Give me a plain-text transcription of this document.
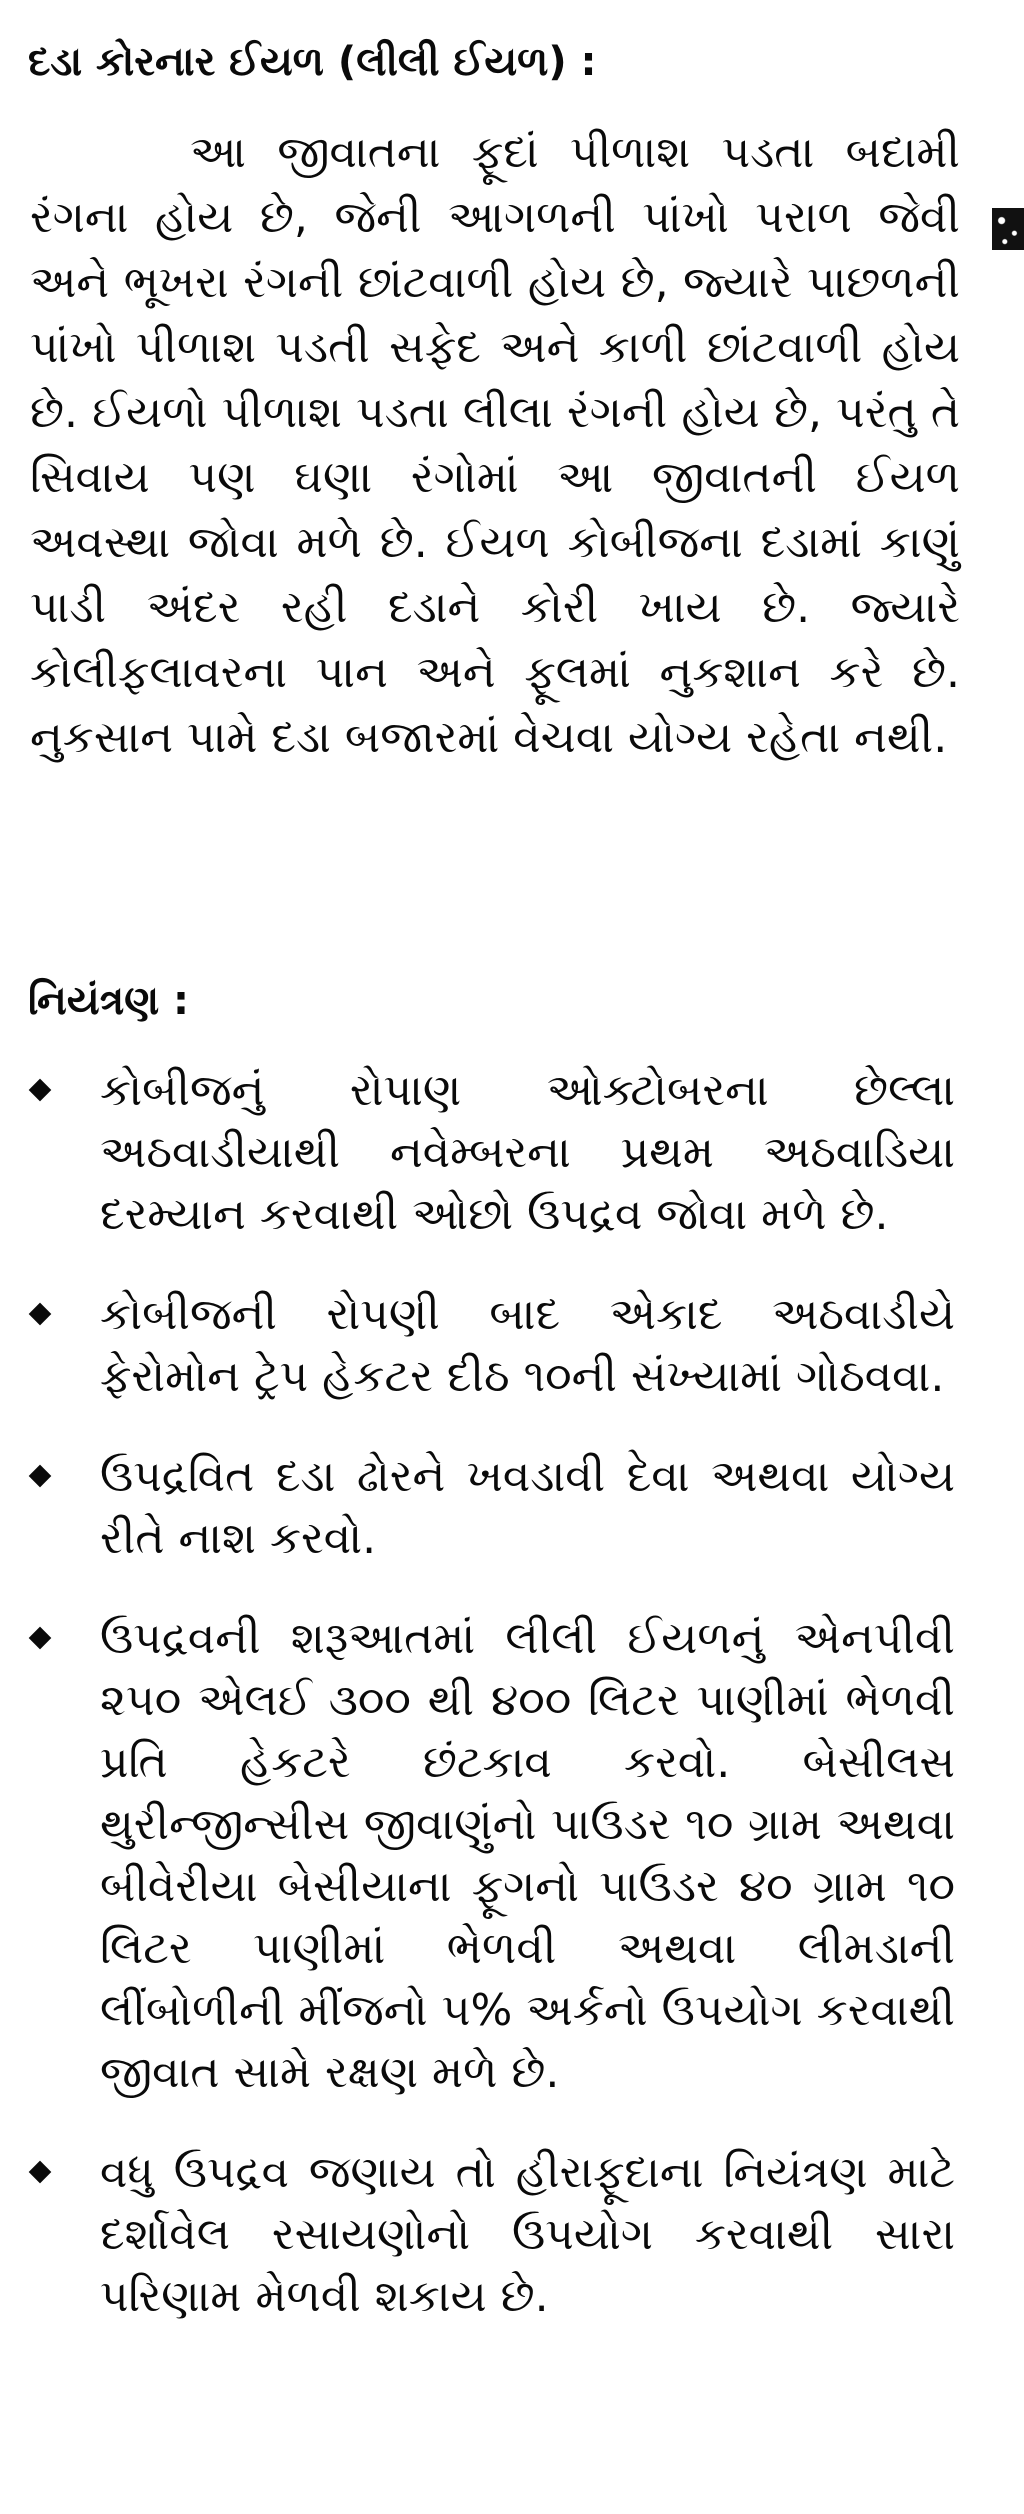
દડા કોરનાર ઈયળ (લીલી ઈયળ) :

આ જીવાતના ફૂદાં પીળાશ પડતા બદામી રંગના હોય છે, જેની આગળની પાંખો પરાળ જેવી અને ભૂખરા રંગની છાંટવાળી હોય છે, જ્યારે પાછળની પાંખો પીળાશ પડતી સફેદ અને કાળી છાંટવાળી હોય છે. ઈયળો પીળાશ પડતા લીલા રંગની હોય છે, પરંતુ તે સિવાય પણ ઘણા રંગોમાં આ જીવાતની ઈયળ અવસ્થા જોવા મળે છે. ઈયળ કોબીજના દડામાં કાણું પાડી અંદર રહી દડાને કોરી ખાય છે. જ્યારે કોલીફલાવરના પાન અને ફૂલમાં નુકશાન કરે છે. નુકસાન પામે દડા બજારમાં વેચવા યોગ્ય રહેતા નથી.

નિયંત્રણ :
કોબીજનું રોપાણ ઓક્ટોબરના છેલ્લા અઠવાડીયાથી નવેમ્બરના પ્રથમ અઠવાડિયા દરમ્યાન કરવાથી ઓછો ઉપદ્રવ જોવા મળે છે.
કોબીજની રોપણી બાદ એકાદ અઠવાડીયે ફેરોમોન ટ્રેપ હેકટર દીઠ ૧૦ની સંખ્યામાં ગોઠવવા.
ઉપદ્રવિત દડા ઢોરને ખવડાવી દેવા અથવા યોગ્ય રીતે નાશ કરવો.
ઉપદ્રવની શરૂઆતમાં લીલી ઈયળનું એનપીવી ૨૫૦ એલઈ ૩૦૦ થી ૪૦૦ લિટર પાણીમાં ભેળવી પ્રતિ હેકટરે છંટકાવ કરવો. બેસીલસ થુરીન્‍જીન્સીસ જીવાણુંનો પાઉડર ૧૦ ગ્રામ અથવા બીવેરીયા બેસીયાના ફૂગનો પાઉડર ૪૦ ગ્રામ ૧૦ લિટર પાણીમાં ભેળવી અથવા લીમડાની લીંબોળીની મીંજનો ૫% અર્કનો ઉપયોગ કરવાથી જીવાત સામે રક્ષણ મળે છે.
વધુ ઉપદ્રવ જણાય તો હીરાફૂદાના નિયંત્રણ માટે દર્શાવેલ રસાયણોનો ઉપયોગ કરવાથી સારા પરિણામ મેળવી શકાય છે.
